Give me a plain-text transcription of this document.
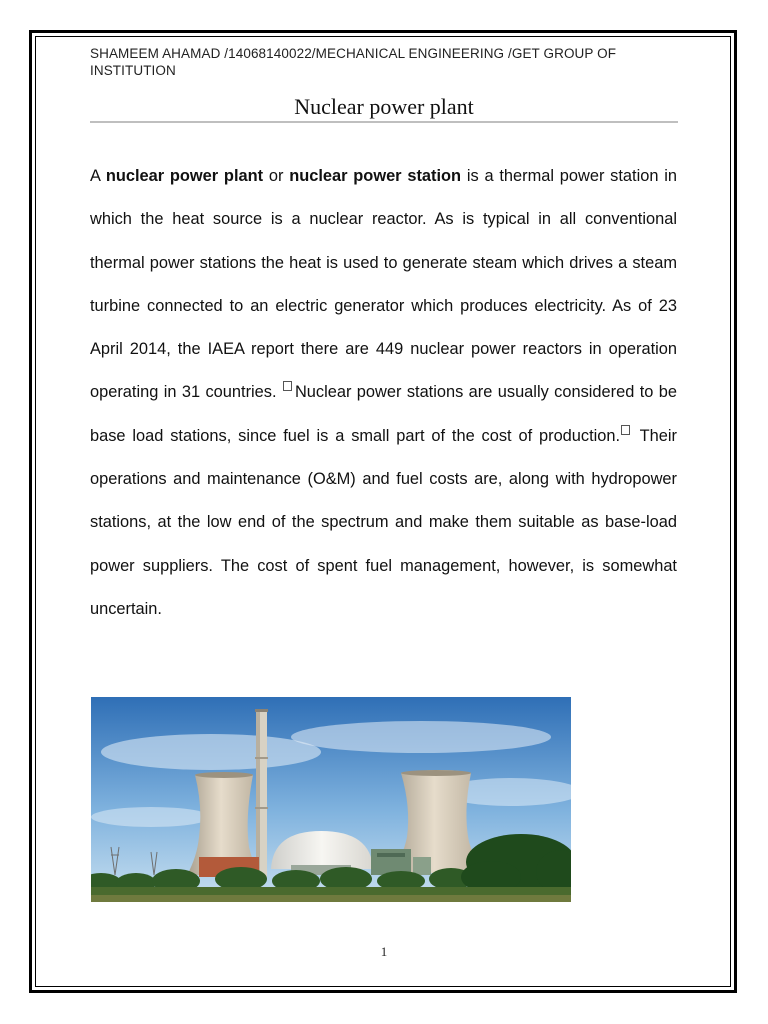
SHAMEEM AHAMAD /14068140022/MECHANICAL ENGINEERING /GET GROUP OF INSTITUTION
Nuclear power plant

A nuclear power plant or nuclear power station is a thermal power station in which the heat source is a nuclear reactor. As is typical in all conventional thermal power stations the heat is used to generate steam which drives a steam turbine connected to an electric generator which produces electricity. As of 23 April 2014, the IAEA report there are 449 nuclear power reactors in operation operating in 31 countries. Nuclear power stations are usually considered to be base load stations, since fuel is a small part of the cost of production. Their operations and maintenance (O&M) and fuel costs are, along with hydropower stations, at the low end of the spectrum and make them suitable as base-load power suppliers. The cost of spent fuel management, however, is somewhat uncertain.

1
